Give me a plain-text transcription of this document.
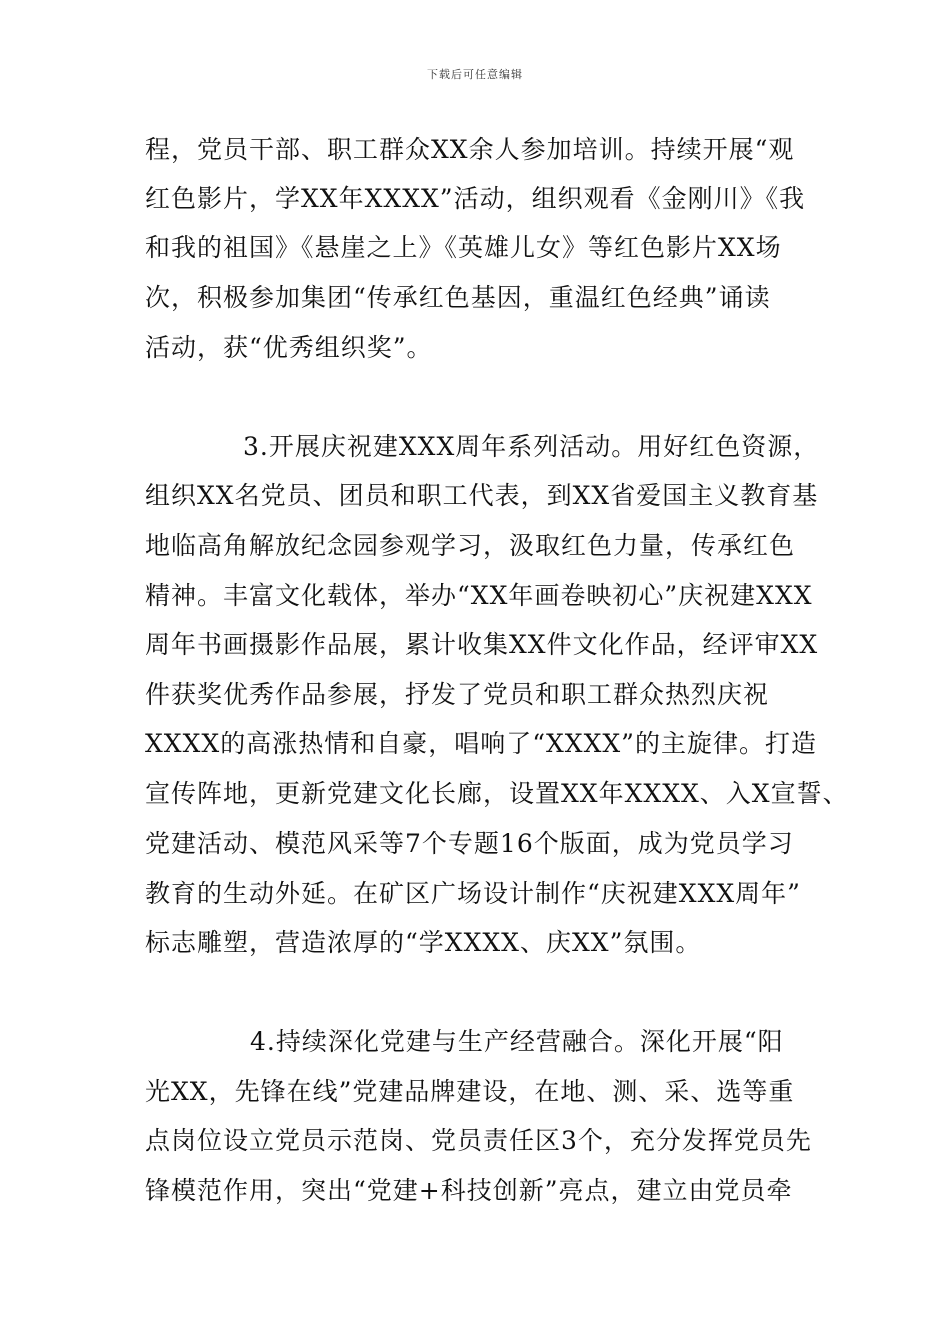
下载后可任意编辑
程，党员干部、职工群众XX余人参加培训。持续开展“观
红色影片，学XX年XXXX”活动，组织观看《金刚川》《我
和我的祖国》《悬崖之上》《英雄儿女》等红色影片XX场
次，积极参加集团“传承红色基因，重温红色经典”诵读
活动，获“优秀组织奖”。
3.开展庆祝建XXX周年系列活动。用好红色资源，
组织XX名党员、团员和职工代表，到XX省爱国主义教育基
地临高角解放纪念园参观学习，汲取红色力量，传承红色
精神。丰富文化载体，举办“XX年画卷映初心”庆祝建XXX
周年书画摄影作品展，累计收集XX件文化作品，经评审XX
件获奖优秀作品参展，抒发了党员和职工群众热烈庆祝
XXXX的高涨热情和自豪，唱响了“XXXX”的主旋律。打造
宣传阵地，更新党建文化长廊，设置XX年XXXX、入X宣誓、
党建活动、模范风采等7个专题16个版面，成为党员学习
教育的生动外延。在矿区广场设计制作“庆祝建XXX周年”
标志雕塑，营造浓厚的“学XXXX、庆XX”氛围。
4.持续深化党建与生产经营融合。深化开展“阳
光XX，先锋在线”党建品牌建设，在地、测、采、选等重
点岗位设立党员示范岗、党员责任区3个，充分发挥党员先
锋模范作用，突出“党建+科技创新”亮点，建立由党员牵
